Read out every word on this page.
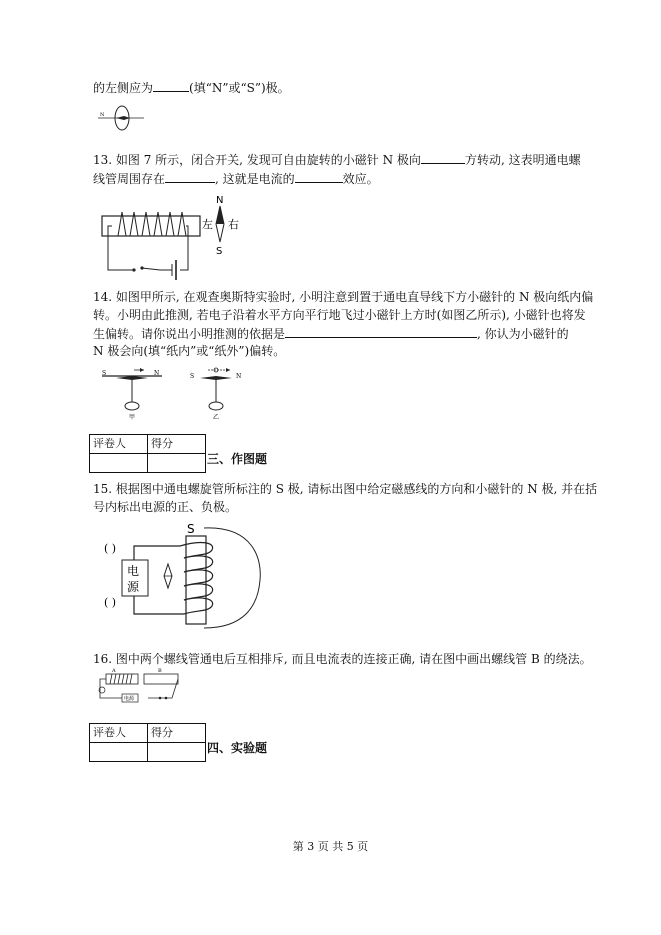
的左侧应为	(填“N”或“S”)极。
N
13. 如图 7 所示，闭合开关, 发现可自由旋转的小磁针 N 极向	方转动, 这表明通电螺
线管周围存在	, 这就是电流的	效应。
N
S
左 右
14. 如图甲所示, 在观查奥斯特实验时, 小明注意到置于通电直导线下方小磁针的 N 极向纸内偏
转。小明由此推测, 若电子沿着水平方向平行地飞过小磁针上方时(如图乙所示), 小磁针也将发
生偏转。请你说出小明推测的依据是	, 你认为小磁针的
N 极会向(填“纸内”或“纸外”)偏转。
S	N
甲
S	N
乙
评卷人	得分

三、作图题
15. 根据图中通电螺旋管所标注的 S 极, 请标出图中给定磁感线的方向和小磁针的 N 极, 并在括
号内标出电源的正、负极。
电
源
S
( )
( )
16. 图中两个螺线管通电后互相排斥, 而且电流表的连接正确, 请在图中画出螺线管 B 的绕法。
电源
A	B
评卷人	得分

四、实验题
第 3 页 共 5 页
